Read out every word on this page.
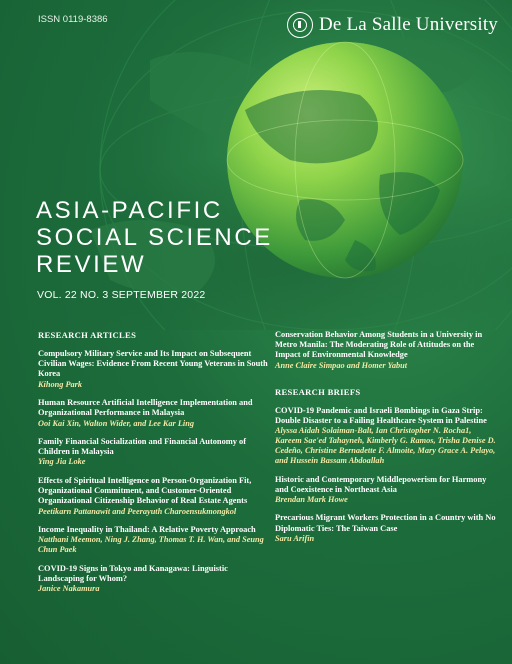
ISSN 0119-8386	De La Salle University
ASIA-PACIFIC
SOCIAL SCIENCE
REVIEW
VOL. 22 NO. 3 SEPTEMBER 2022
RESEARCH ARTICLES
Compulsory Military Service and Its Impact on Subsequent Civilian Wages: Evidence From Recent Young Veterans in South Korea
Kihong Park
Human Resource Artificial Intelligence Implementation and Organizational Performance in Malaysia
Ooi Kai Xin, Walton Wider, and Lee Kar Ling
Family Financial Socialization and Financial Autonomy of Children in Malaysia
Ying Jia Loke
Effects of Spiritual Intelligence on Person-Organization Fit, Organizational Commitment, and Customer-Oriented Organizational Citizenship Behavior of Real Estate Agents
Peetikarn Pattanawit and Peerayuth Charoensukmongkol
Income Inequality in Thailand: A Relative Poverty Approach
Natthani Meemon, Ning J. Zhang, Thomas T. H. Wan, and Seung Chun Paek
COVID-19 Signs in Tokyo and Kanagawa: Linguistic Landscaping for Whom?
Janice Nakamura
Conservation Behavior Among Students in a University in Metro Manila: The Moderating Role of Attitudes on the Impact of Environmental Knowledge
Anne Claire Simpao and Homer Yabut
RESEARCH BRIEFS
COVID-19 Pandemic and Israeli Bombings in Gaza Strip: Double Disaster to a Failing Healthcare System in Palestine
Alyssa Aidah Solaiman-Balt, Ian Christopher N. Rocha1, Kareem Sae'ed Tahayneh, Kimberly G. Ramos, Trisha Denise D. Cedeño, Christine Bernadette F. Almoite, Mary Grace A. Pelayo, and Hussein Bassam Abdoallah
Historic and Contemporary Middlepowerism for Harmony and Coexistence in Northeast Asia
Brendan Mark Howe
Precarious Migrant Workers Protection in a Country with No Diplomatic Ties: The Taiwan Case
Saru Arifin
